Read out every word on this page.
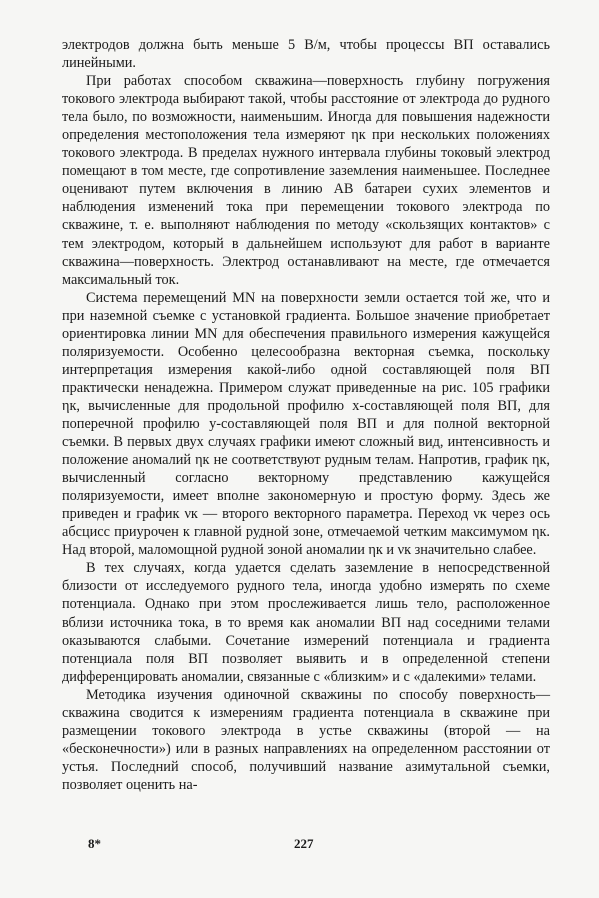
электродов должна быть меньше 5 В/м, чтобы процессы ВП оставались линейными.

При работах способом скважина—поверхность глубину погружения токового электрода выбирают такой, чтобы расстояние от электрода до рудного тела было, по возможности, наименьшим. Иногда для повышения надежности определения местоположения тела измеряют ηк при нескольких положениях токового электрода. В пределах нужного интервала глубины токовый электрод помещают в том месте, где сопротивление заземления наименьшее. Последнее оценивают путем включения в линию AB батареи сухих элементов и наблюдения изменений тока при перемещении токового электрода по скважине, т. е. выполняют наблюдения по методу «скользящих контактов» с тем электродом, который в дальнейшем используют для работ в варианте скважина—поверхность. Электрод останавливают на месте, где отмечается максимальный ток.

Система перемещений MN на поверхности земли остается той же, что и при наземной съемке с установкой градиента. Большое значение приобретает ориентировка линии MN для обеспечения правильного измерения кажущейся поляризуемости. Особенно целесообразна векторная съемка, поскольку интерпретация измерения какой-либо одной составляющей поля ВП практически ненадежна. Примером служат приведенные на рис. 105 графики ηк, вычисленные для продольной профилю x-составляющей поля ВП, для поперечной профилю y-составляющей поля ВП и для полной векторной съемки. В первых двух случаях графики имеют сложный вид, интенсивность и положение аномалий ηк не соответствуют рудным телам. Напротив, график ηк, вычисленный согласно векторному представлению кажущейся поляризуемости, имеет вполне закономерную и простую форму. Здесь же приведен и график νк — второго векторного параметра. Переход νк через ось абсцисс приурочен к главной рудной зоне, отмечаемой четким максимумом ηк. Над второй, маломощной рудной зоной аномалии ηк и νк значительно слабее.

В тех случаях, когда удается сделать заземление в непосредственной близости от исследуемого рудного тела, иногда удобно измерять по схеме потенциала. Однако при этом прослеживается лишь тело, расположенное вблизи источника тока, в то время как аномалии ВП над соседними телами оказываются слабыми. Сочетание измерений потенциала и градиента потенциала поля ВП позволяет выявить и в определенной степени дифференцировать аномалии, связанные с «близким» и с «далекими» телами.

Методика изучения одиночной скважины по способу поверхность—скважина сводится к измерениям градиента потенциала в скважине при размещении токового электрода в устье скважины (второй — на «бесконечности») или в разных направлениях на определенном расстоянии от устья. Последний способ, получивший название азимутальной съемки, позволяет оценить на-

8*	227
